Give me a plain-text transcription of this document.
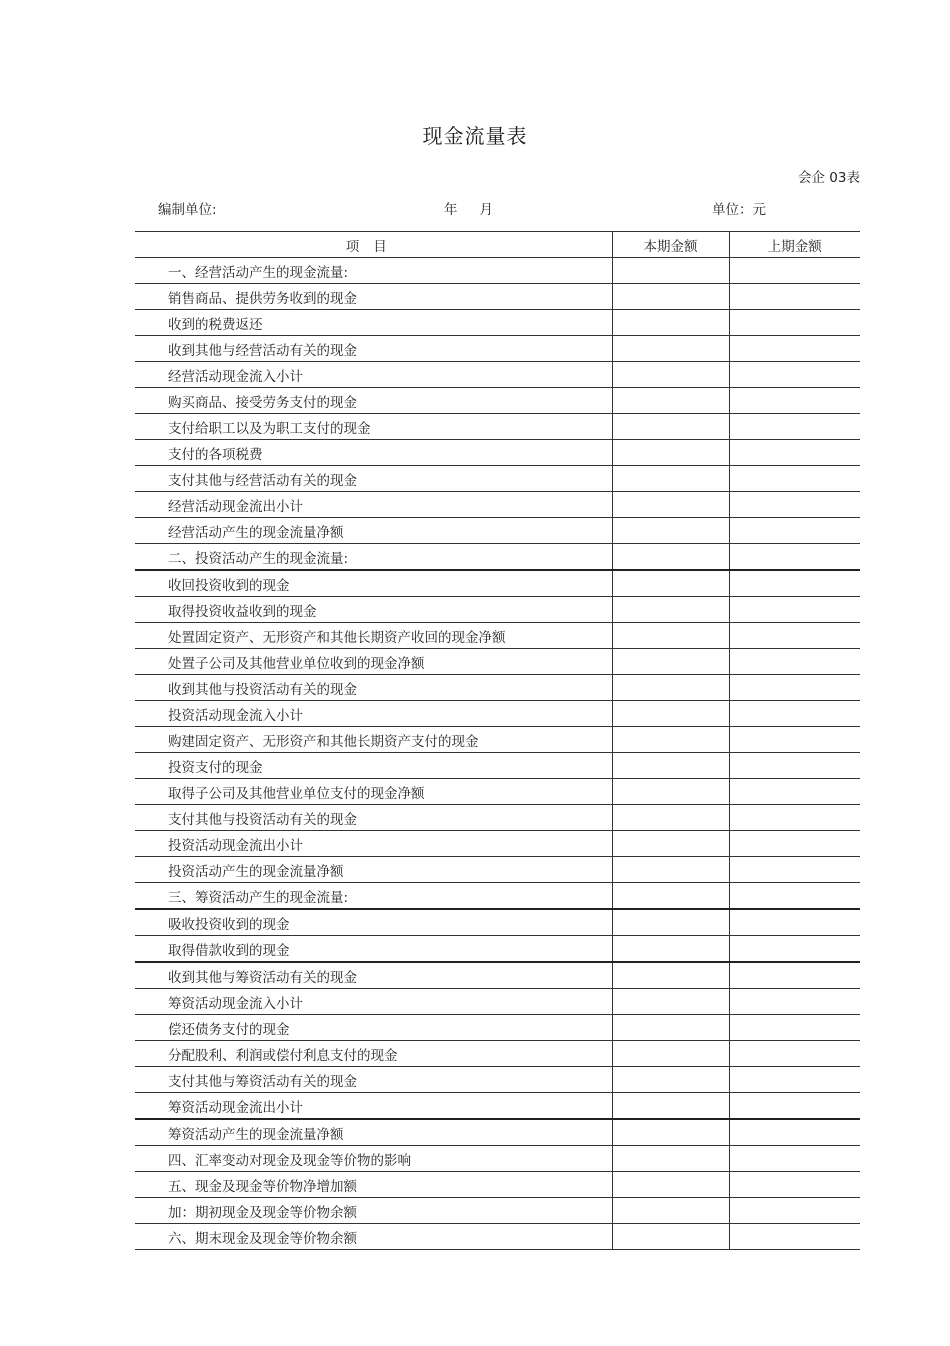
现金流量表
会企 03表
编制单位:	年 月	单位：元
项目	本期金额	上期金额
一、经营活动产生的现金流量:		
销售商品、提供劳务收到的现金		
收到的税费返还		
收到其他与经营活动有关的现金		
经营活动现金流入小计		
购买商品、接受劳务支付的现金		
支付给职工以及为职工支付的现金		
支付的各项税费		
支付其他与经营活动有关的现金		
经营活动现金流出小计		
经营活动产生的现金流量净额		
二、投资活动产生的现金流量:		
收回投资收到的现金		
取得投资收益收到的现金		
处置固定资产、无形资产和其他长期资产收回的现金净额		
处置子公司及其他营业单位收到的现金净额		
收到其他与投资活动有关的现金		
投资活动现金流入小计		
购建固定资产、无形资产和其他长期资产支付的现金		
投资支付的现金		
取得子公司及其他营业单位支付的现金净额		
支付其他与投资活动有关的现金		
投资活动现金流出小计		
投资活动产生的现金流量净额		
三、筹资活动产生的现金流量:		
吸收投资收到的现金		
取得借款收到的现金		
收到其他与筹资活动有关的现金		
筹资活动现金流入小计		
偿还债务支付的现金		
分配股利、利润或偿付利息支付的现金		
支付其他与筹资活动有关的现金		
筹资活动现金流出小计		
筹资活动产生的现金流量净额		
四、汇率变动对现金及现金等价物的影响		
五、现金及现金等价物净增加额		
加：期初现金及现金等价物余额		
六、期末现金及现金等价物余额		
